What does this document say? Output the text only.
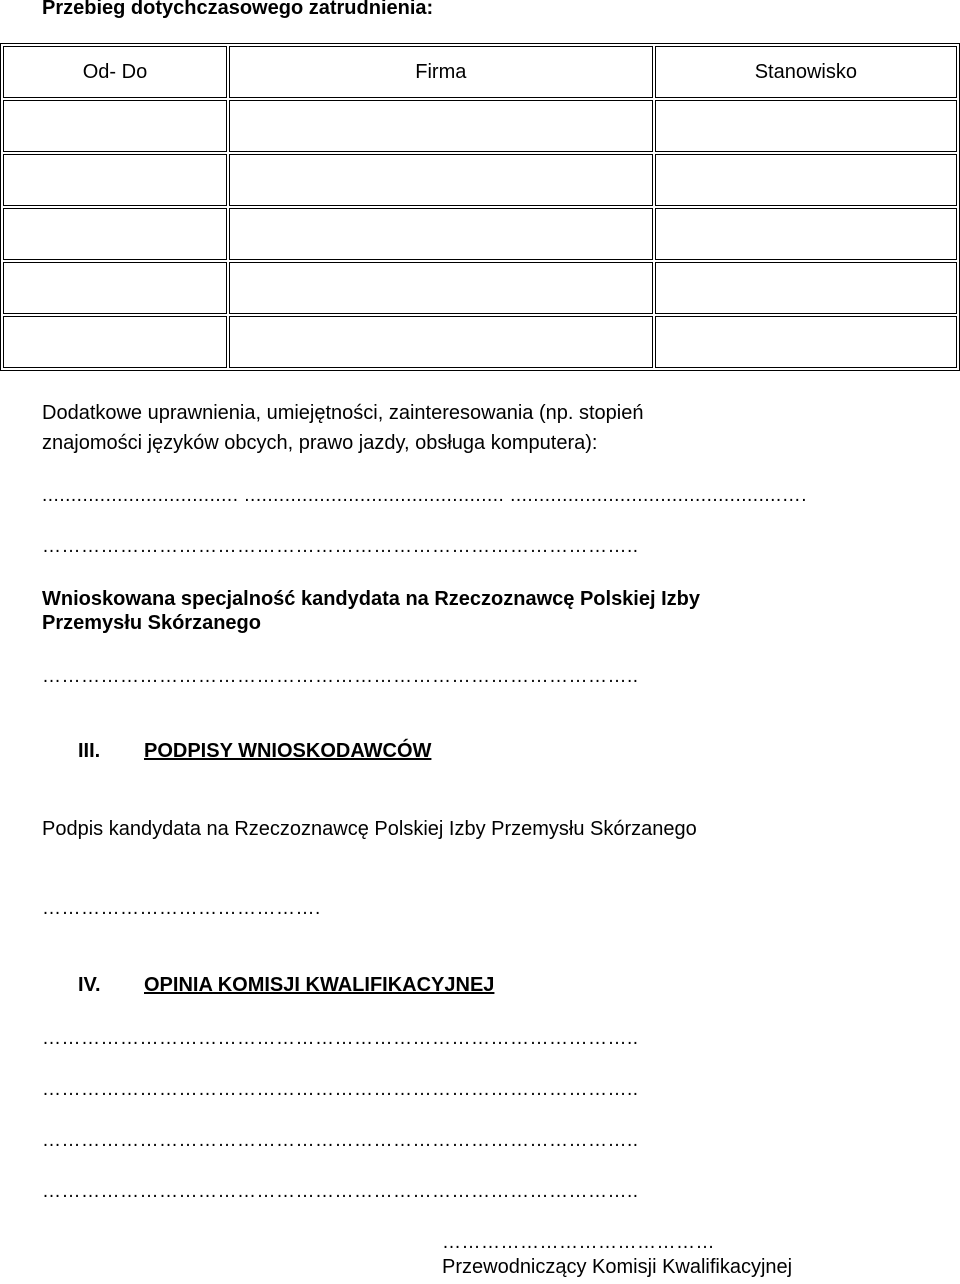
Przebieg dotychczasowego zatrudnienia:
Od- Do	Firma	Stanowisko

Dodatkowe uprawnienia, umiejętności, zainteresowania (np. stopień
znajomości języków obcych, prawo jazdy, obsługa komputera):
.................................. ............................................. ...............................................….
………………………………………………………………………………..
Wnioskowana specjalność kandydata na Rzeczoznawcę Polskiej Izby
Przemysłu Skórzanego
………………………………………………………………………………..
III. PODPISY WNIOSKODAWCÓW
Podpis kandydata na Rzeczoznawcę Polskiej Izby Przemysłu Skórzanego
…………………………………….
IV. OPINIA KOMISJI KWALIFIKACYJNEJ
………………………………………………………………………………..
………………………………………………………………………………..
………………………………………………………………………………..
………………………………………………………………………………..
……………………………………
Przewodniczący Komisji Kwalifikacyjnej
